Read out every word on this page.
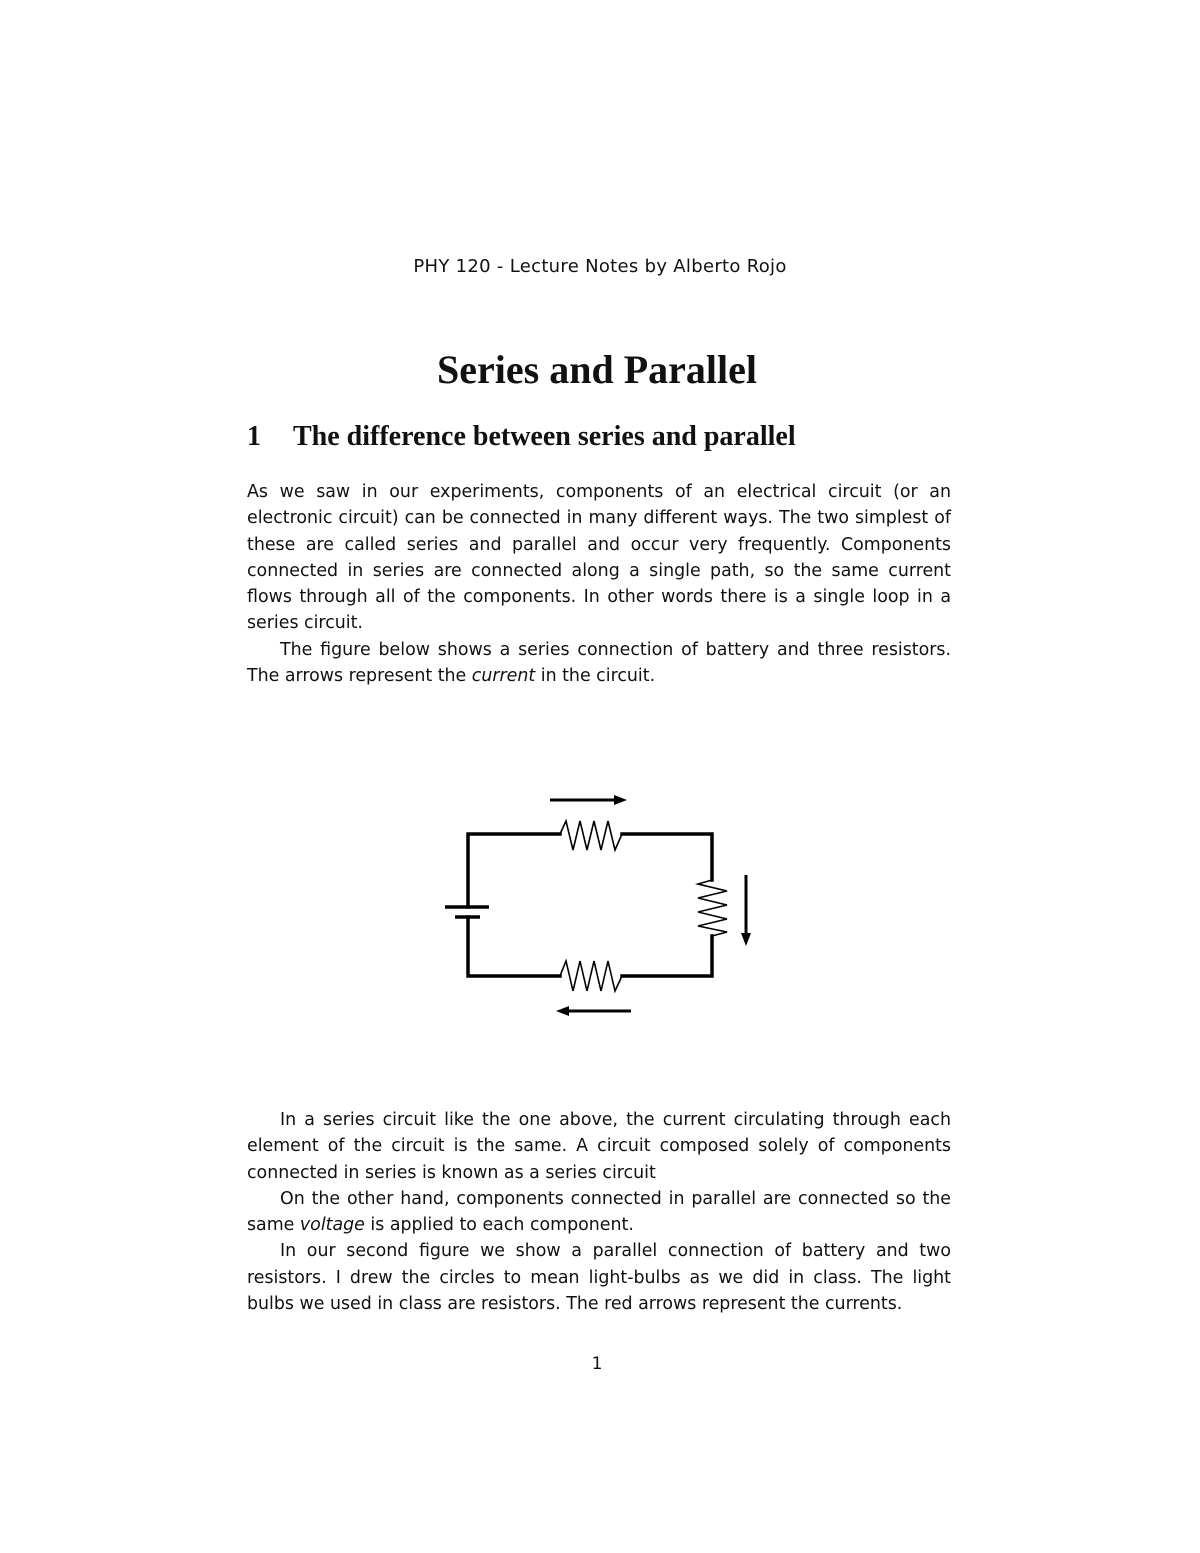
PHY 120 - Lecture Notes by Alberto Rojo
Series and Parallel
1 The difference between series and parallel

As we saw in our experiments, components of an electrical circuit (or an electronic circuit) can be connected in many different ways. The two simplest of these are called series and parallel and occur very frequently. Components connected in series are connected along a single path, so the same current flows through all of the components. In other words there is a single loop in a series circuit.

The figure below shows a series connection of battery and three resistors. The arrows represent the current in the circuit.

In a series circuit like the one above, the current circulating through each element of the circuit is the same. A circuit composed solely of components connected in series is known as a series circuit

On the other hand, components connected in parallel are connected so the same voltage is applied to each component.

In our second figure we show a parallel connection of battery and two resistors. I drew the circles to mean light-bulbs as we did in class. The light bulbs we used in class are resistors. The red arrows represent the currents.

1
